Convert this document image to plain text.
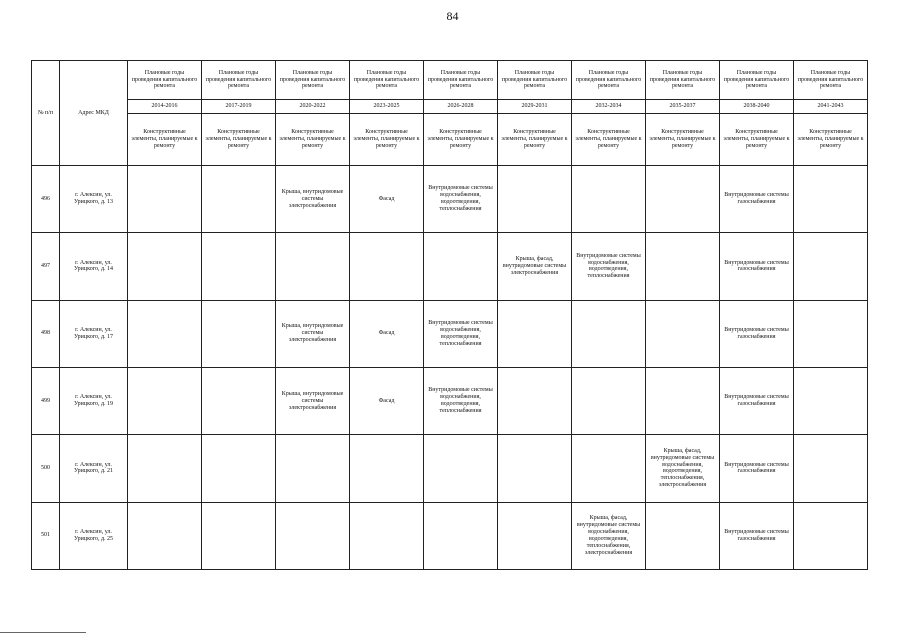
84
№ п/п	Адрес МКД	Плановые годы проведения капитального ремонта	Плановые годы проведения капитального ремонта	Плановые годы проведения капитального ремонта	Плановые годы проведения капитального ремонта	Плановые годы проведения капитального ремонта	Плановые годы проведения капитального ремонта	Плановые годы проведения капитального ремонта	Плановые годы проведения капитального ремонта	Плановые годы проведения капитального ремонта	Плановые годы проведения капитального ремонта
		2014-2016	2017-2019	2020-2022	2023-2025	2026-2028	2029-2031	2032-2034	2035-2037	2038-2040	2041-2043
		Конструктивные элементы, планируемые к ремонту	Конструктивные элементы, планируемые к ремонту	Конструктивные элементы, планируемые к ремонту	Конструктивные элементы, планируемые к ремонту	Конструктивные элементы, планируемые к ремонту	Конструктивные элементы, планируемые к ремонту	Конструктивные элементы, планируемые к ремонту	Конструктивные элементы, планируемые к ремонту	Конструктивные элементы, планируемые к ремонту	Конструктивные элементы, планируемые к ремонту
496	г. Алексин, ул. Урицкого, д. 13			Крыша, внутридомовые системы электроснабжения	Фасад	Внутридомовые системы водоснабжения, водоотведения, теплоснабжения				Внутридомовые системы газоснабжения	
497	г. Алексин, ул. Урицкого, д. 14						Крыша, фасад, внутридомовые системы электроснабжения	Внутридомовые системы водоснабжения, водоотведения, теплоснабжения		Внутридомовые системы газоснабжения	
498	г. Алексин, ул. Урицкого, д. 17			Крыша, внутридомовые системы электроснабжения	Фасад	Внутридомовые системы водоснабжения, водоотведения, теплоснабжения				Внутридомовые системы газоснабжения	
499	г. Алексин, ул. Урицкого, д. 19			Крыша, внутридомовые системы электроснабжения	Фасад	Внутридомовые системы водоснабжения, водоотведения, теплоснабжения				Внутридомовые системы газоснабжения	
500	г. Алексин, ул. Урицкого, д. 21								Крыша, фасад, внутридомовые системы водоснабжения, водоотведения, теплоснабжения, электроснабжения	Внутридомовые системы газоснабжения	
501	г. Алексин, ул. Урицкого, д. 25							Крыша, фасад, внутридомовые системы водоснабжения, водоотведения, теплоснабжения, электроснабжения		Внутридомовые системы газоснабжения	
